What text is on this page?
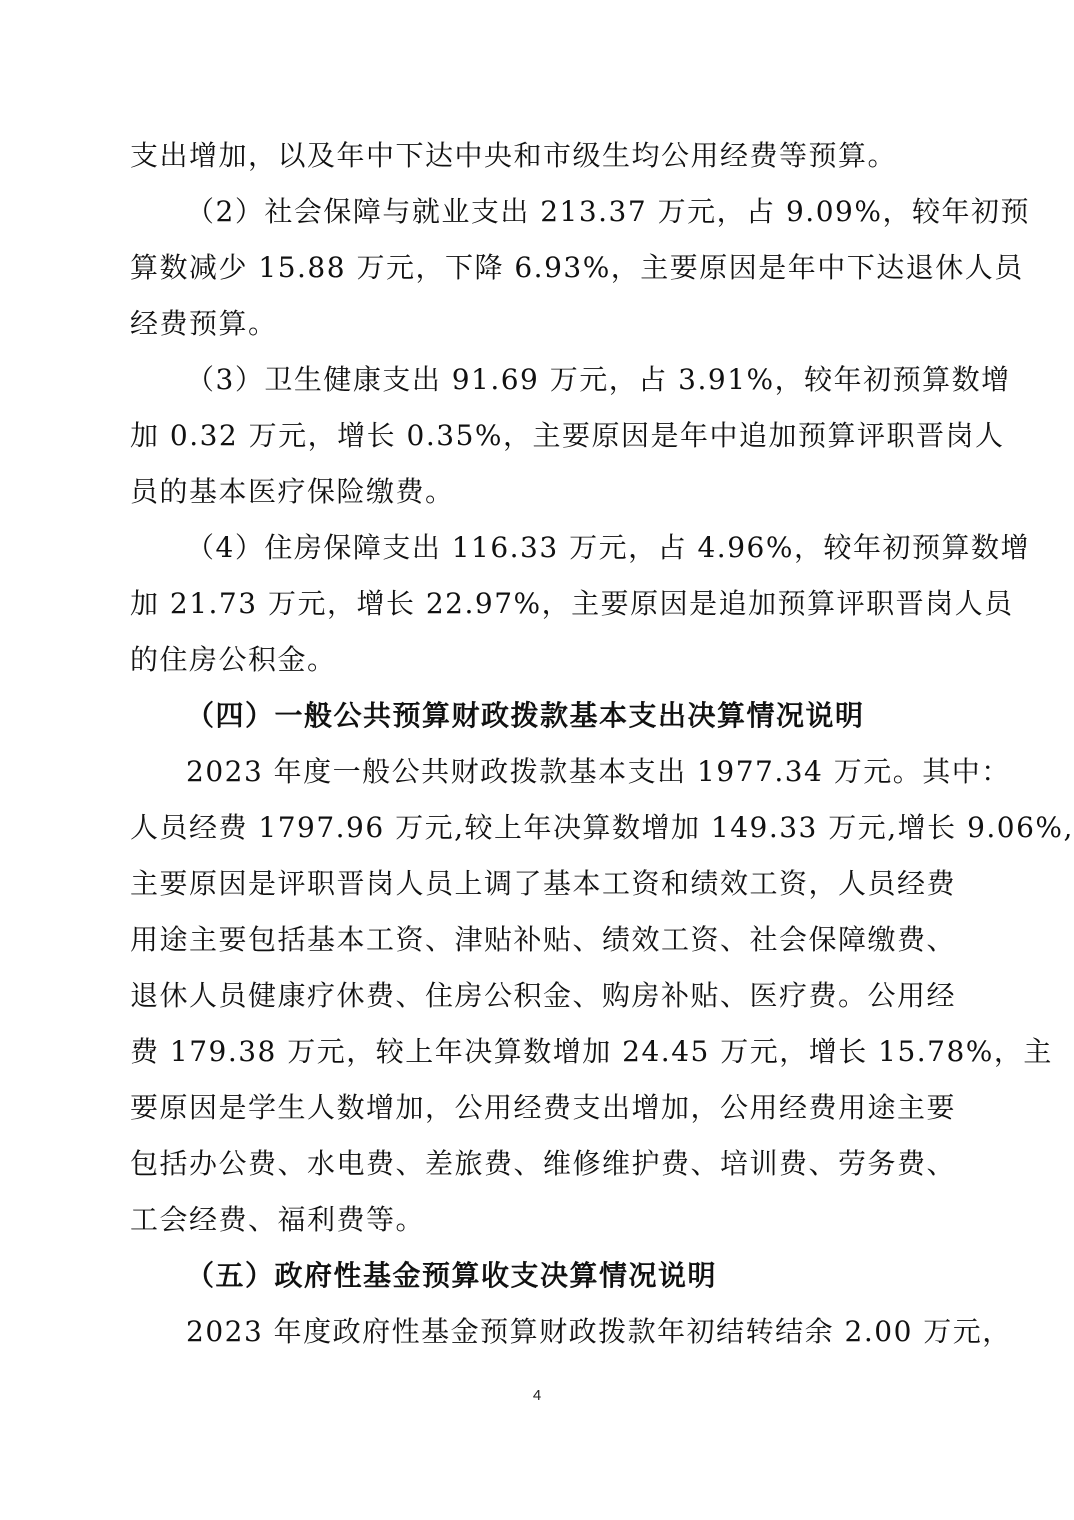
支出增加，以及年中下达中央和市级生均公用经费等预算。
（2）社会保障与就业支出 213.37 万元，占 9.09%，较年初预
算数减少 15.88 万元，下降 6.93%，主要原因是年中下达退休人员
经费预算。
（3）卫生健康支出 91.69 万元，占 3.91%，较年初预算数增
加 0.32 万元，增长 0.35%，主要原因是年中追加预算评职晋岗人
员的基本医疗保险缴费。
（4）住房保障支出 116.33 万元，占 4.96%，较年初预算数增
加 21.73 万元，增长 22.97%，主要原因是追加预算评职晋岗人员
的住房公积金。
（四）一般公共预算财政拨款基本支出决算情况说明
2023 年度一般公共财政拨款基本支出 1977.34 万元。其中：
人员经费 1797.96 万元,较上年决算数增加 149.33 万元,增长 9.06%,
主要原因是评职晋岗人员上调了基本工资和绩效工资，人员经费
用途主要包括基本工资、津贴补贴、绩效工资、社会保障缴费、
退休人员健康疗休费、住房公积金、购房补贴、医疗费。公用经
费 179.38 万元，较上年决算数增加 24.45 万元，增长 15.78%，主
要原因是学生人数增加，公用经费支出增加，公用经费用途主要
包括办公费、水电费、差旅费、维修维护费、培训费、劳务费、
工会经费、福利费等。
（五）政府性基金预算收支决算情况说明
2023 年度政府性基金预算财政拨款年初结转结余 2.00 万元，
4
